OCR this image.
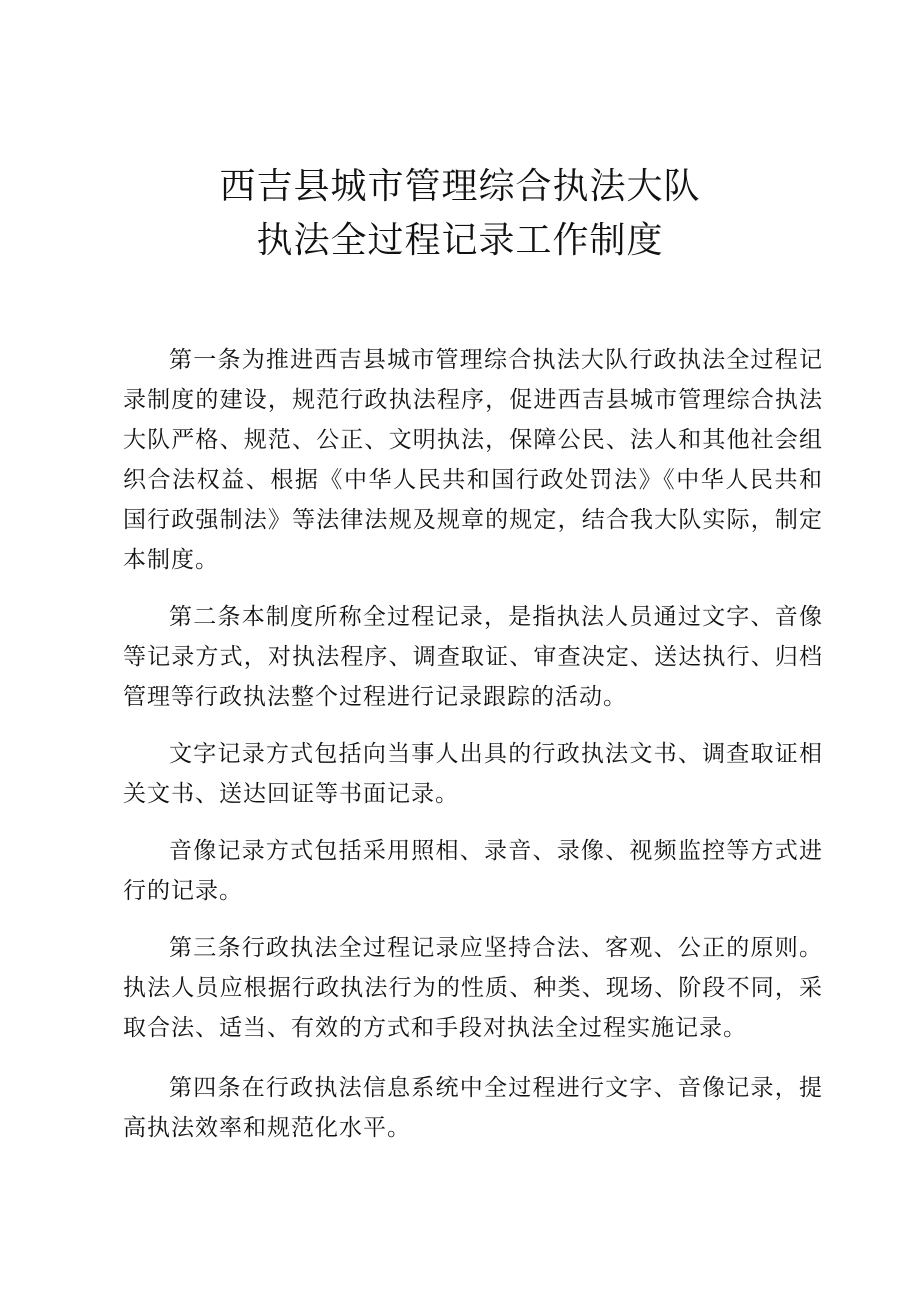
西吉县城市管理综合执法大队
执法全过程记录工作制度

第一条为推进西吉县城市管理综合执法大队行政执法全过程记录制度的建设，规范行政执法程序，促进西吉县城市管理综合执法大队严格、规范、公正、文明执法，保障公民、法人和其他社会组织合法权益、根据《中华人民共和国行政处罚法》《中华人民共和国行政强制法》等法律法规及规章的规定，结合我大队实际，制定本制度。

第二条本制度所称全过程记录，是指执法人员通过文字、音像等记录方式，对执法程序、调查取证、审查决定、送达执行、归档管理等行政执法整个过程进行记录跟踪的活动。

文字记录方式包括向当事人出具的行政执法文书、调查取证相关文书、送达回证等书面记录。

音像记录方式包括采用照相、录音、录像、视频监控等方式进行的记录。

第三条行政执法全过程记录应坚持合法、客观、公正的原则。执法人员应根据行政执法行为的性质、种类、现场、阶段不同，采取合法、适当、有效的方式和手段对执法全过程实施记录。

第四条在行政执法信息系统中全过程进行文字、音像记录，提高执法效率和规范化水平。
